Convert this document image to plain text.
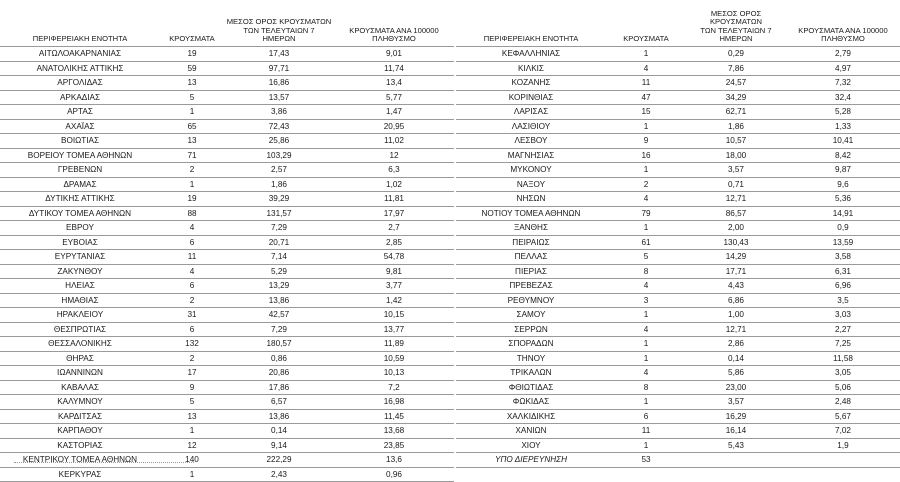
ΠΕΡΙΦΕΡΕΙΑΚΗ ΕΝΟΤΗΤΑ	ΚΡΟΥΣΜΑΤΑ	ΜΕΣΟΣ ΟΡΟΣ ΚΡΟΥΣΜΑΤΩΝ
ΤΩΝ ΤΕΛΕΥΤΑΙΩΝ 7
ΗΜΕΡΩΝ	ΚΡΟΥΣΜΑΤΑ ΑΝΑ 100000
ΠΛΗΘΥΣΜΟ
ΑΙΤΩΛΟΑΚΑΡΝΑΝΙΑΣ	19	17,43	9,01
ΑΝΑΤΟΛΙΚΗΣ ΑΤΤΙΚΗΣ	59	97,71	11,74
ΑΡΓΟΛΙΔΑΣ	13	16,86	13,4
ΑΡΚΑΔΙΑΣ	5	13,57	5,77
ΑΡΤΑΣ	1	3,86	1,47
ΑΧΑΪΑΣ	65	72,43	20,95
ΒΟΙΩΤΙΑΣ	13	25,86	11,02
ΒΟΡΕΙΟΥ ΤΟΜΕΑ ΑΘΗΝΩΝ	71	103,29	12
ΓΡΕΒΕΝΩΝ	2	2,57	6,3
ΔΡΑΜΑΣ	1	1,86	1,02
ΔΥΤΙΚΗΣ ΑΤΤΙΚΗΣ	19	39,29	11,81
ΔΥΤΙΚΟΥ ΤΟΜΕΑ ΑΘΗΝΩΝ	88	131,57	17,97
ΕΒΡΟΥ	4	7,29	2,7
ΕΥΒΟΙΑΣ	6	20,71	2,85
ΕΥΡΥΤΑΝΙΑΣ	11	7,14	54,78
ΖΑΚΥΝΘΟΥ	4	5,29	9,81
ΗΛΕΙΑΣ	6	13,29	3,77
ΗΜΑΘΙΑΣ	2	13,86	1,42
ΗΡΑΚΛΕΙΟΥ	31	42,57	10,15
ΘΕΣΠΡΩΤΙΑΣ	6	7,29	13,77
ΘΕΣΣΑΛΟΝΙΚΗΣ	132	180,57	11,89
ΘΗΡΑΣ	2	0,86	10,59
ΙΩΑΝΝΙΝΩΝ	17	20,86	10,13
ΚΑΒΑΛΑΣ	9	17,86	7,2
ΚΑΛΥΜΝΟΥ	5	6,57	16,98
ΚΑΡΔΙΤΣΑΣ	13	13,86	11,45
ΚΑΡΠΑΘΟΥ	1	0,14	13,68
ΚΑΣΤΟΡΙΑΣ	12	9,14	23,85
ΚΕΝΤΡΙΚΟΥ ΤΟΜΕΑ ΑΘΗΝΩΝ	140	222,29	13,6
ΚΕΡΚΥΡΑΣ	1	2,43	0,96
ΠΕΡΙΦΕΡΕΙΑΚΗ ΕΝΟΤΗΤΑ	ΚΡΟΥΣΜΑΤΑ	ΜΕΣΟΣ ΟΡΟΣ ΚΡΟΥΣΜΑΤΩΝ
ΤΩΝ ΤΕΛΕΥΤΑΙΩΝ 7
ΗΜΕΡΩΝ	ΚΡΟΥΣΜΑΤΑ ΑΝΑ 100000
ΠΛΗΘΥΣΜΟ
ΚΕΦΑΛΛΗΝΙΑΣ	1	0,29	2,79
ΚΙΛΚΙΣ	4	7,86	4,97
ΚΟΖΑΝΗΣ	11	24,57	7,32
ΚΟΡΙΝΘΙΑΣ	47	34,29	32,4
ΛΑΡΙΣΑΣ	15	62,71	5,28
ΛΑΣΙΘΙΟΥ	1	1,86	1,33
ΛΕΣΒΟΥ	9	10,57	10,41
ΜΑΓΝΗΣΙΑΣ	16	18,00	8,42
ΜΥΚΟΝΟΥ	1	3,57	9,87
ΝΑΞΟΥ	2	0,71	9,6
ΝΗΣΩΝ	4	12,71	5,36
ΝΟΤΙΟΥ ΤΟΜΕΑ ΑΘΗΝΩΝ	79	86,57	14,91
ΞΑΝΘΗΣ	1	2,00	0,9
ΠΕΙΡΑΙΩΣ	61	130,43	13,59
ΠΕΛΛΑΣ	5	14,29	3,58
ΠΙΕΡΙΑΣ	8	17,71	6,31
ΠΡΕΒΕΖΑΣ	4	4,43	6,96
ΡΕΘΥΜΝΟΥ	3	6,86	3,5
ΣΑΜΟΥ	1	1,00	3,03
ΣΕΡΡΩΝ	4	12,71	2,27
ΣΠΟΡΑΔΩΝ	1	2,86	7,25
ΤΗΝΟΥ	1	0,14	11,58
ΤΡΙΚΑΛΩΝ	4	5,86	3,05
ΦΘΙΩΤΙΔΑΣ	8	23,00	5,06
ΦΩΚΙΔΑΣ	1	3,57	2,48
ΧΑΛΚΙΔΙΚΗΣ	6	16,29	5,67
ΧΑΝΙΩΝ	11	16,14	7,02
ΧΙΟΥ	1	5,43	1,9
ΥΠΟ ΔΙΕΡΕΥΝΗΣΗ	53		
